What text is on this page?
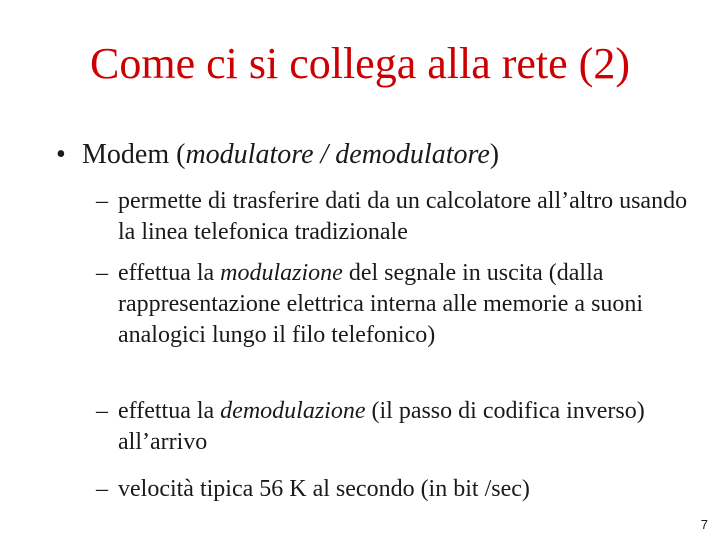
Come ci si collega alla rete (2)
• Modem (modulatore / demodulatore)
– permette di trasferire dati da un calcolatore all’altro usando la linea telefonica tradizionale
– effettua la modulazione del segnale in uscita (dalla rappresentazione elettrica interna alle memorie a suoni analogici lungo il filo telefonico)
– effettua la demodulazione (il passo di codifica inverso) all’arrivo
– velocità tipica 56 K al secondo (in bit /sec)
7
